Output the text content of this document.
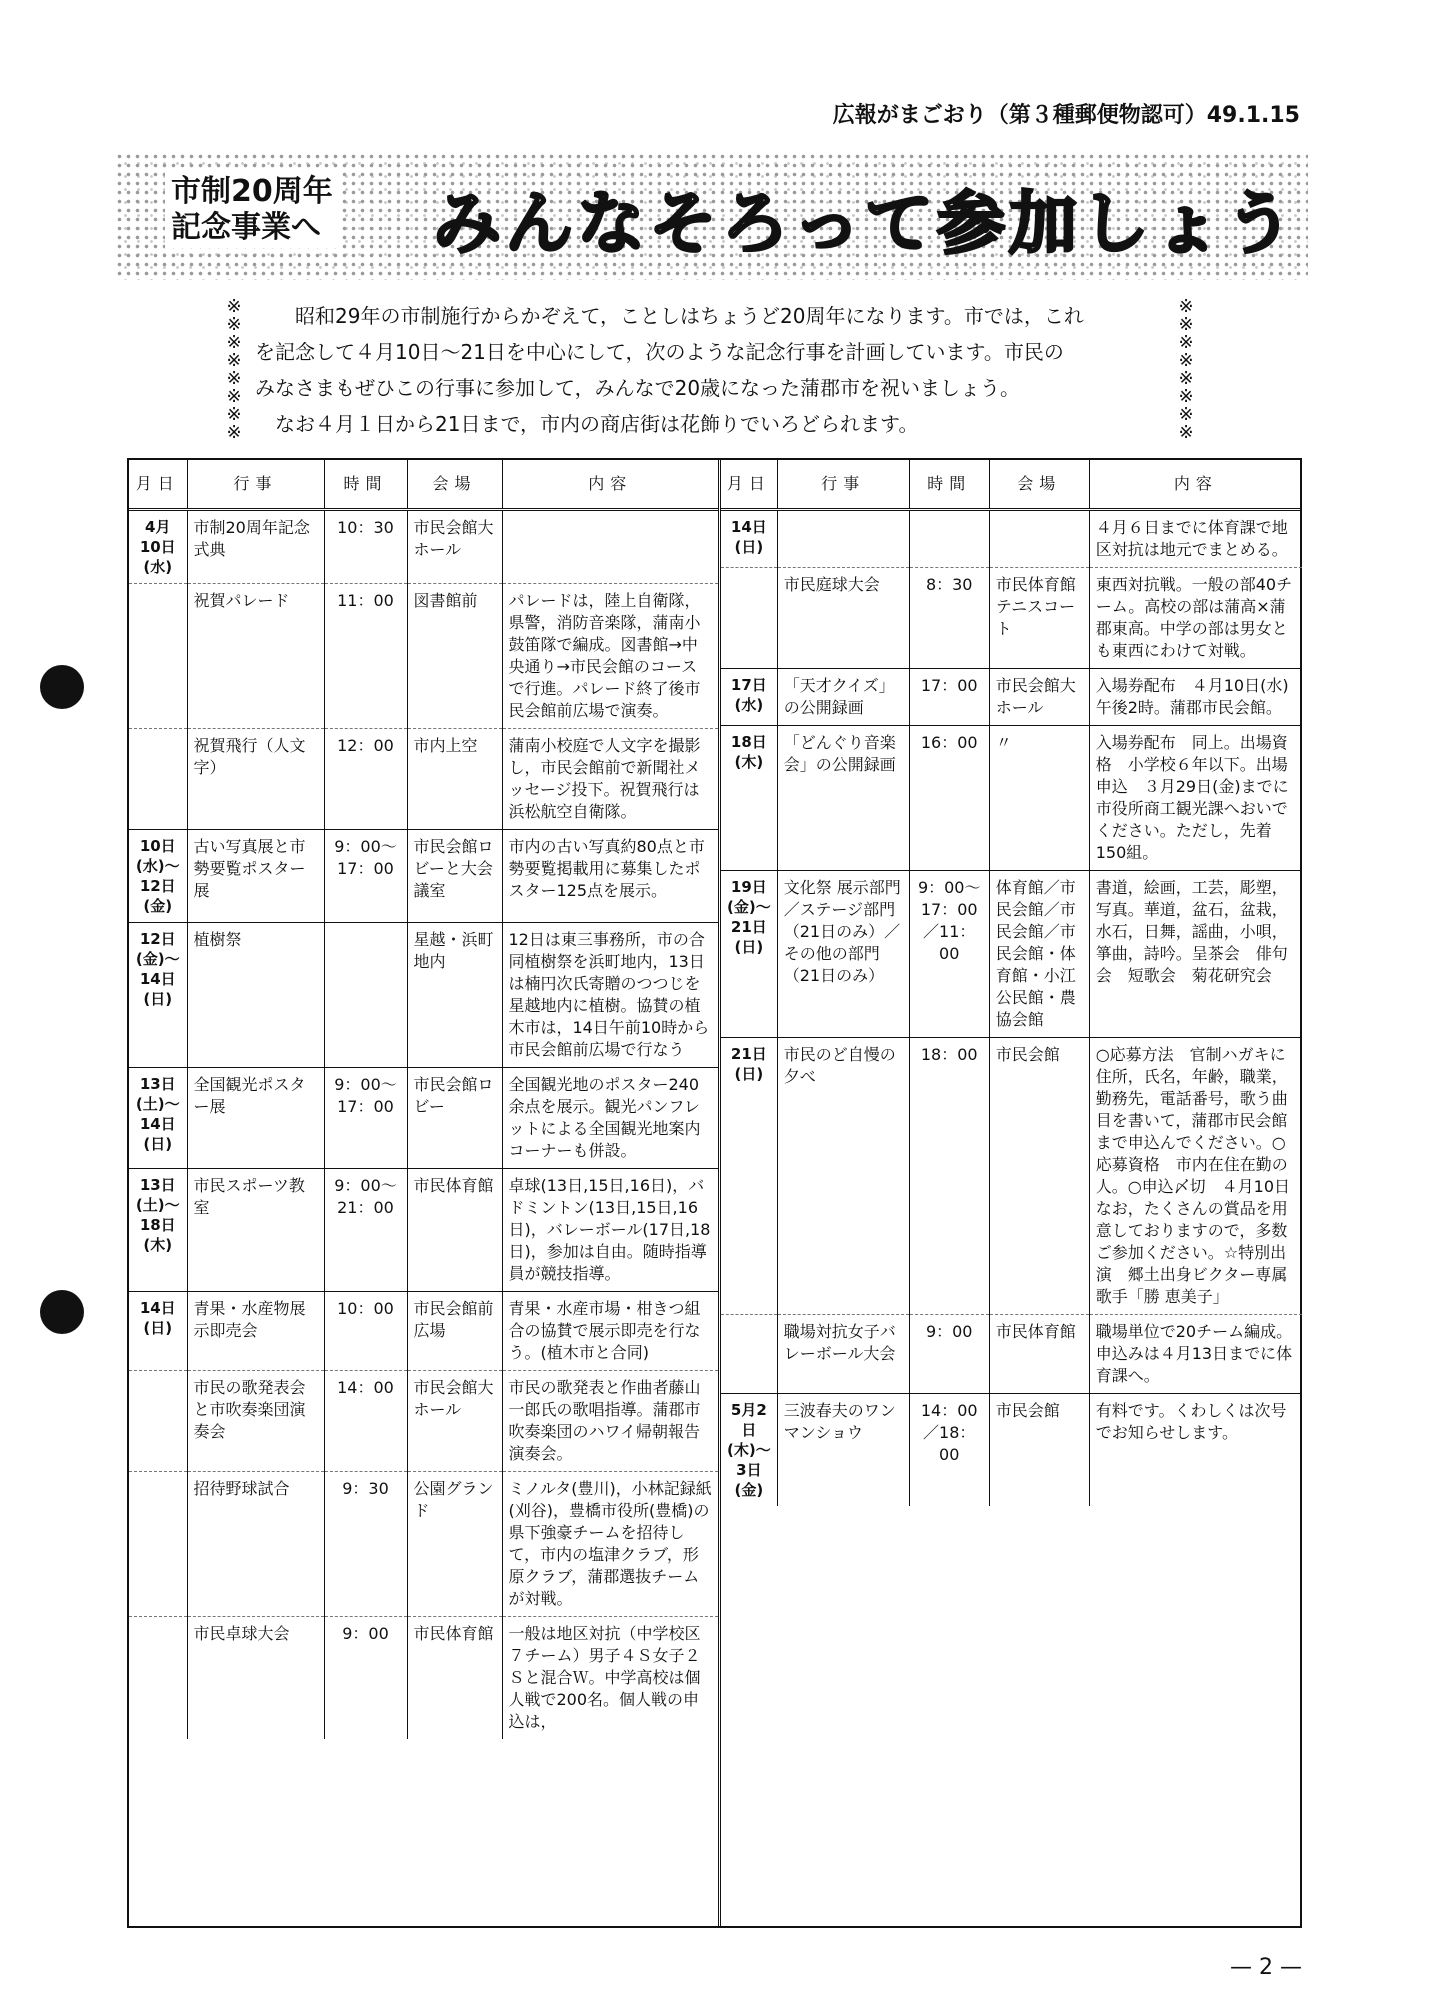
広報がまごおり（第３種郵便物認可）49.1.15
市制20周年
記念事業へ みんなそろって参加しょう
※
※
※
※
※
※
※
※
※
※
※
※
※
※
※
※

昭和29年の市制施行からかぞえて，ことしはちょうど20周年になります。市では，これ

を記念して４月10日〜21日を中心にして，次のような記念行事を計画しています。市民の

みなさまもぜひこの行事に参加して，みんなで20歳になった蒲郡市を祝いましょう。

なお４月１日から21日まで，市内の商店街は花飾りでいろどられます。

月日	行事	時間	会場	内容
4月10日(水)	市制20周年記念式典	10：30	市民会館大ホール	
	祝賀パレード	11：00	図書館前	パレードは，陸上自衛隊，県警，消防音楽隊，蒲南小鼓笛隊で編成。図書館→中央通り→市民会館のコースで行進。パレード終了後市民会館前広場で演奏。
	祝賀飛行（人文字）	12：00	市内上空	蒲南小校庭で人文字を撮影し，市民会館前で新聞社メッセージ投下。祝賀飛行は浜松航空自衛隊。
10日(水)〜12日(金)	古い写真展と市勢要覧ポスター展	9：00〜17：00	市民会館ロビーと大会議室	市内の古い写真約80点と市勢要覧掲載用に募集したポスター125点を展示。
12日(金)〜14日(日)	植樹祭		星越・浜町 地内	12日は東三事務所，市の合同植樹祭を浜町地内，13日は楠円次氏寄贈のつつじを星越地内に植樹。協賛の植木市は，14日午前10時から市民会館前広場で行なう
13日(土)〜14日(日)	全国観光ポスター展	9：00〜17：00	市民会館ロビー	全国観光地のポスター240余点を展示。観光パンフレットによる全国観光地案内コーナーも併設。
13日(土)〜18日(木)	市民スポーツ教室	9：00〜21：00	市民体育館	卓球(13日,15日,16日)，バドミントン(13日,15日,16日)，バレーボール(17日,18日)，参加は自由。随時指導員が競技指導。
14日(日)	青果・水産物展示即売会	10：00	市民会館前広場	青果・水産市場・柑きつ組合の協賛で展示即売を行なう。(植木市と合同)
	市民の歌発表会と市吹奏楽団演奏会	14：00	市民会館大ホール	市民の歌発表と作曲者藤山一郎氏の歌唱指導。蒲郡市吹奏楽団のハワイ帰朝報告演奏会。
	招待野球試合	9：30	公園グランド	ミノルタ(豊川)，小林記録紙(刈谷)，豊橋市役所(豊橋)の県下強豪チームを招待して，市内の塩津クラブ，形原クラブ，蒲郡選抜チームが対戦。
	市民卓球大会	9：00	市民体育館	一般は地区対抗（中学校区７チーム）男子４Ｓ女子２Ｓと混合Ｗ。中学高校は個人戦で200名。個人戦の申込は，
月日	行事	時間	会場	内容
14日(日)				４月６日までに体育課で地区対抗は地元でまとめる。
	市民庭球大会	8：30	市民体育館テニスコート	東西対抗戦。一般の部40チーム。高校の部は蒲高×蒲郡東高。中学の部は男女とも東西にわけて対戦。
17日(水)	「天才クイズ」の公開録画	17：00	市民会館大ホール	入場券配布　４月10日(水)午後2時。蒲郡市民会館。
18日(木)	「どんぐり音楽会」の公開録画	16：00	〃	入場券配布　同上。出場資格　小学校６年以下。出場申込　３月29日(金)までに市役所商工観光課へおいでください。ただし，先着150組。
19日(金)〜21日(日)	文化祭 展示部門／ステージ部門（21日のみ）／その他の部門（21日のみ）	9：00〜17：00／11：00	体育館／市民会館／市民会館／市民会館・体育館・小江公民館・農協会館	書道，絵画，工芸，彫塑，写真。華道，盆石，盆栽，水石，日舞，謡曲，小唄，箏曲，詩吟。呈茶会　俳句会　短歌会　菊花研究会
21日(日)	市民のど自慢の夕べ	18：00	市民会館	○応募方法　官制ハガキに住所，氏名，年齢，職業，勤務先，電話番号，歌う曲目を書いて，蒲郡市民会館まで申込んでください。○応募資格　市内在住在勤の人。○申込〆切　４月10日　なお，たくさんの賞品を用意しておりますので，多数ご参加ください。☆特別出演　郷土出身ビクター専属歌手「勝 恵美子」
	職場対抗女子バレーボール大会	9：00	市民体育館	職場単位で20チーム編成。申込みは４月13日までに体育課へ。
5月2日(木)〜3日(金)	三波春夫のワンマンショウ	14：00／18：00	市民会館	有料です。くわしくは次号でお知らせします。
— 2 —
